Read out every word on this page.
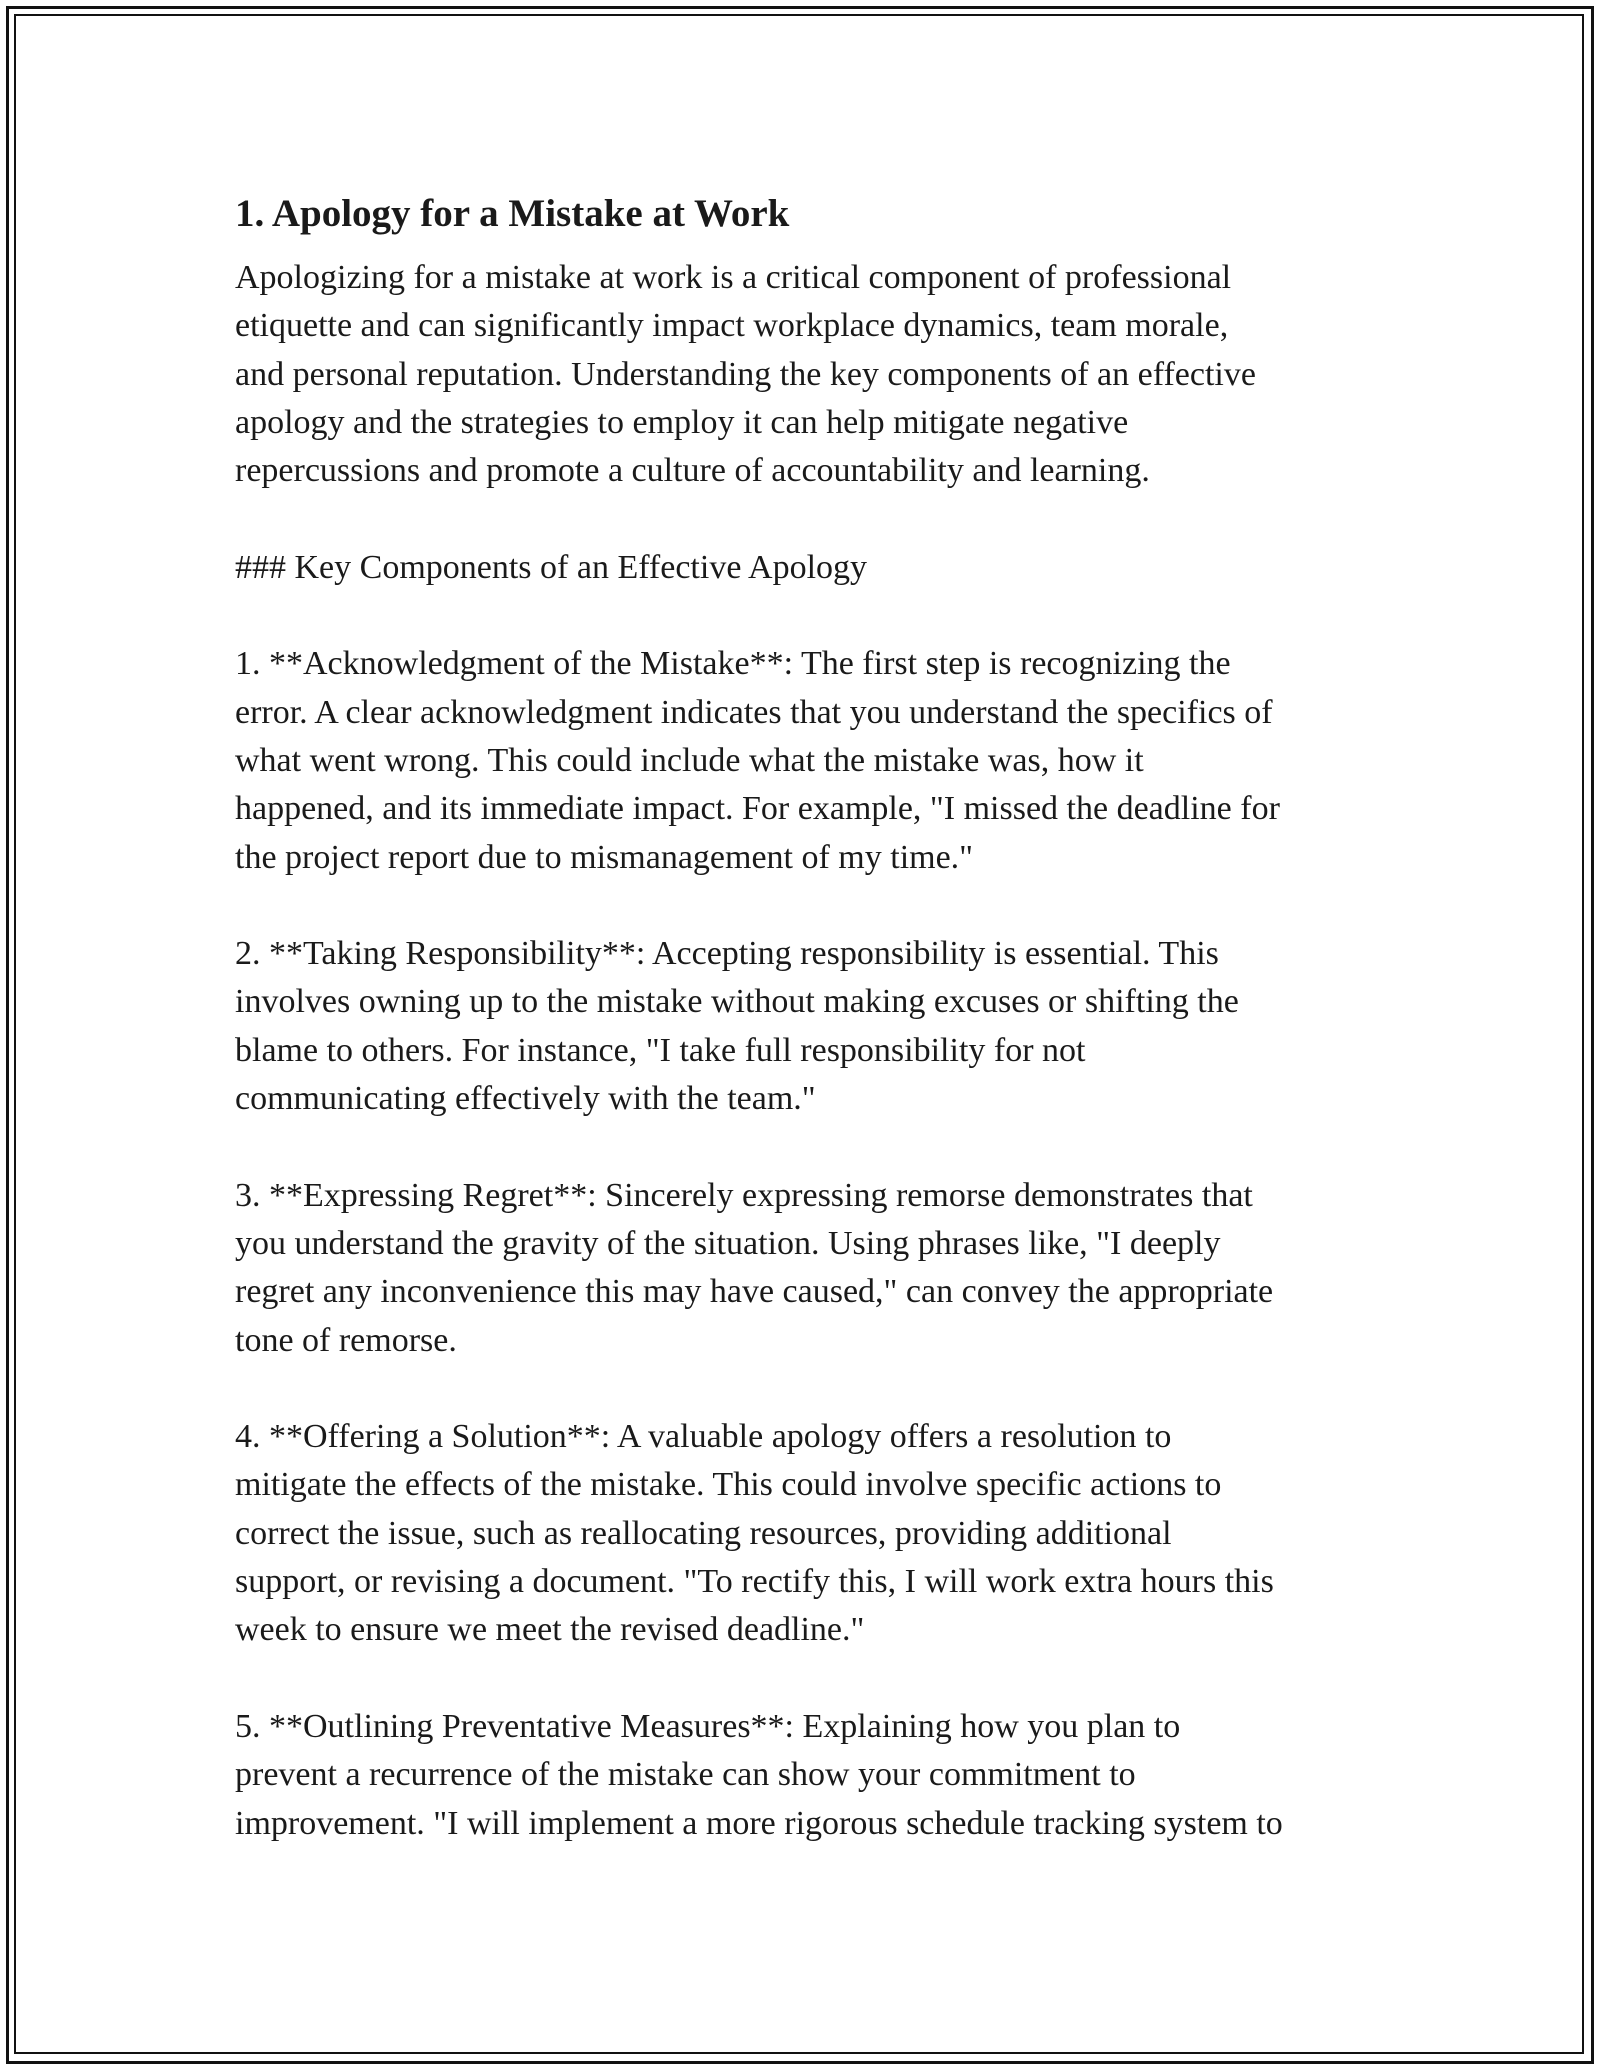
1. Apology for a Mistake at Work
Apologizing for a mistake at work is a critical component of professional
etiquette and can significantly impact workplace dynamics, team morale,
and personal reputation. Understanding the key components of an effective
apology and the strategies to employ it can help mitigate negative
repercussions and promote a culture of accountability and learning.
### Key Components of an Effective Apology
1. **Acknowledgment of the Mistake**: The first step is recognizing the
error. A clear acknowledgment indicates that you understand the specifics of
what went wrong. This could include what the mistake was, how it
happened, and its immediate impact. For example, "I missed the deadline for
the project report due to mismanagement of my time."
2. **Taking Responsibility**: Accepting responsibility is essential. This
involves owning up to the mistake without making excuses or shifting the
blame to others. For instance, "I take full responsibility for not
communicating effectively with the team."
3. **Expressing Regret**: Sincerely expressing remorse demonstrates that
you understand the gravity of the situation. Using phrases like, "I deeply
regret any inconvenience this may have caused," can convey the appropriate
tone of remorse.
4. **Offering a Solution**: A valuable apology offers a resolution to
mitigate the effects of the mistake. This could involve specific actions to
correct the issue, such as reallocating resources, providing additional
support, or revising a document. "To rectify this, I will work extra hours this
week to ensure we meet the revised deadline."
5. **Outlining Preventative Measures**: Explaining how you plan to
prevent a recurrence of the mistake can show your commitment to
improvement. "I will implement a more rigorous schedule tracking system to
